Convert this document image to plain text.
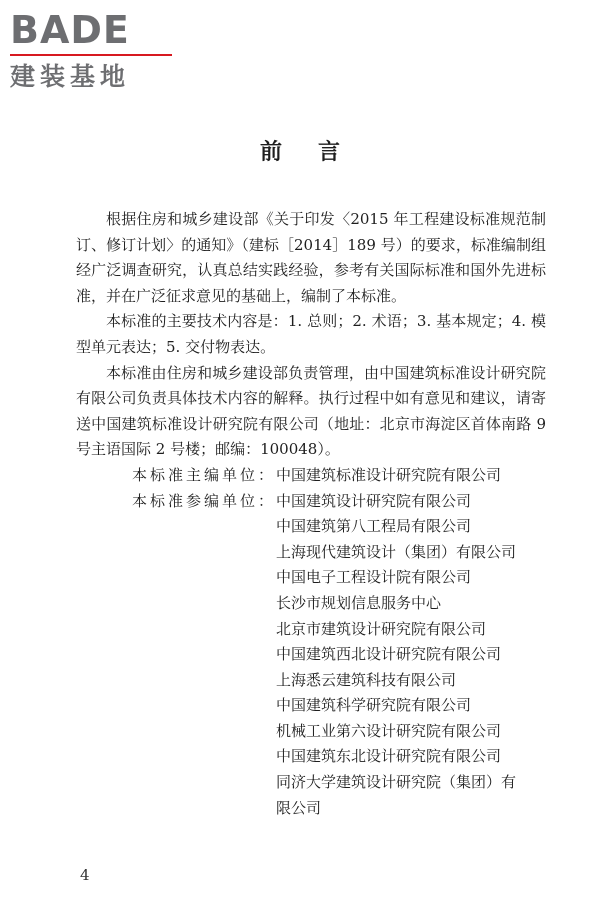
BADE
建装基地
前言

根据住房和城乡建设部《关于印发〈2015 年工程建设标准规范制订、修订计划〉的通知》（建标［2014］189 号）的要求，标准编制组经广泛调查研究，认真总结实践经验，参考有关国际标准和国外先进标准，并在广泛征求意见的基础上，编制了本标准。

本标准的主要技术内容是：1. 总则；2. 术语；3. 基本规定；4. 模型单元表达；5. 交付物表达。

本标准由住房和城乡建设部负责管理，由中国建筑标准设计研究院有限公司负责具体技术内容的解释。执行过程中如有意见和建议，请寄送中国建筑标准设计研究院有限公司（地址：北京市海淀区首体南路 9 号主语国际 2 号楼；邮编：100048）。

本标准主编单位： 中国建筑标准设计研究院有限公司
本标准参编单位： 中国建筑设计研究院有限公司
中国建筑第八工程局有限公司
上海现代建筑设计（集团）有限公司
中国电子工程设计院有限公司
长沙市规划信息服务中心
北京市建筑设计研究院有限公司
中国建筑西北设计研究院有限公司
上海悉云建筑科技有限公司
中国建筑科学研究院有限公司
机械工业第六设计研究院有限公司
中国建筑东北设计研究院有限公司
同济大学建筑设计研究院（集团）有
限公司
4
